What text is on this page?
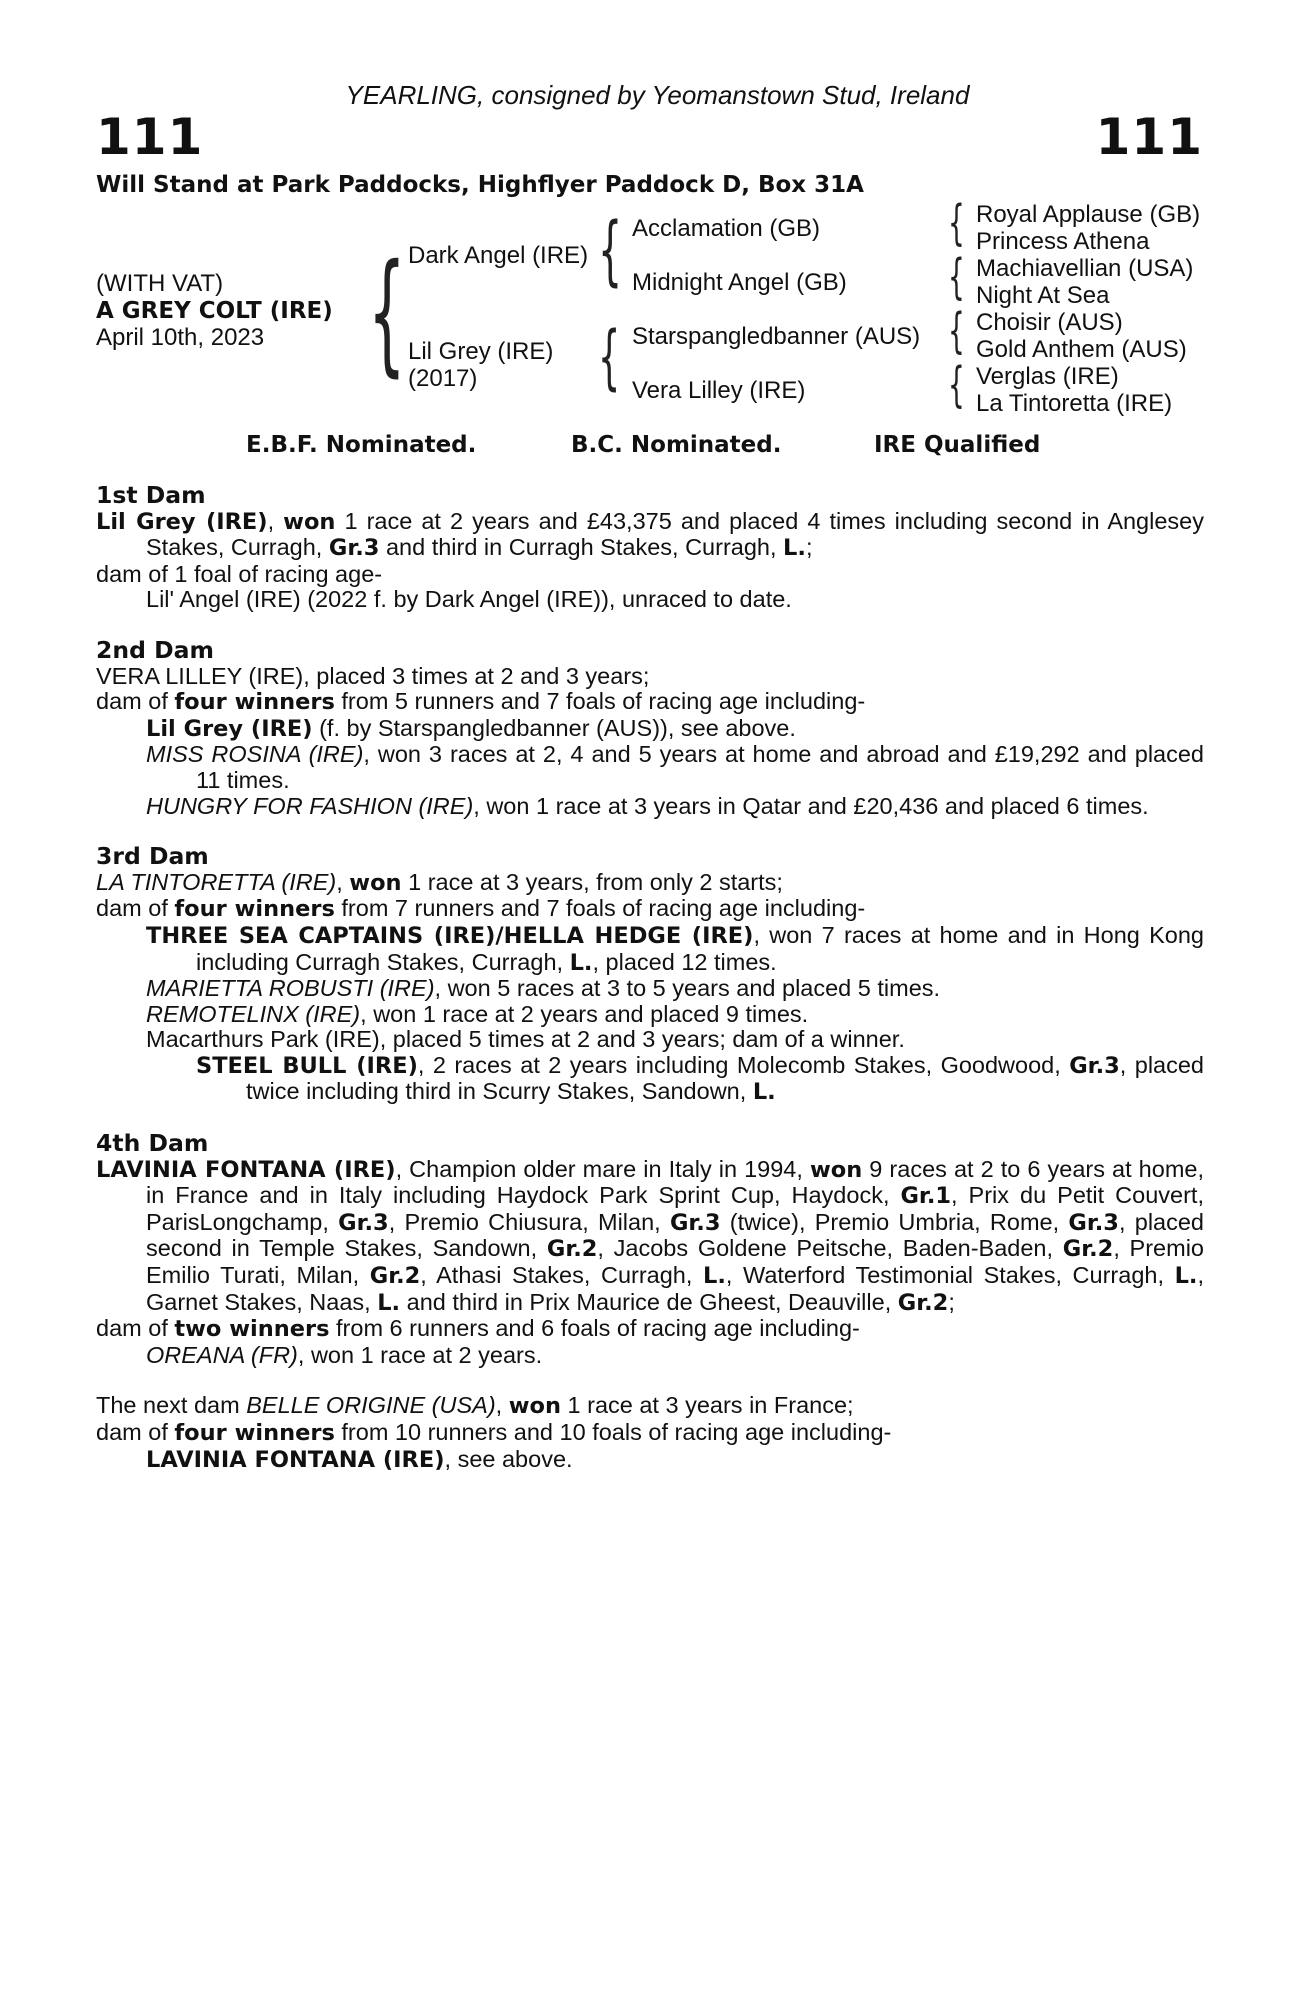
YEARLING, consigned by Yeomanstown Stud, Ireland
111	111
Will Stand at Park Paddocks, Highflyer Paddock D, Box 31A
(WITH VAT)
A GREY COLT (IRE)
April 10th, 2023 { Dark Angel (IRE)
Lil Grey (IRE)
(2017)
{
{
Acclamation (GB)
Midnight Angel (GB)
Starspangledbanner (AUS)
Vera Lilley (IRE)
{
{
{
{
Royal Applause (GB)
Princess Athena
Machiavellian (USA)
Night At Sea
Choisir (AUS)
Gold Anthem (AUS)
Verglas (IRE)
La Tintoretta (IRE)
E.B.F. Nominated.	B.C. Nominated.	IRE Qualified

1st Dam

Lil Grey (IRE), won 1 race at 2 years and £43,375 and placed 4 times including second in Anglesey Stakes, Curragh, Gr.3 and third in Curragh Stakes, Curragh, L.;

dam of 1 foal of racing age-

Lil' Angel (IRE) (2022 f. by Dark Angel (IRE)), unraced to date.

2nd Dam

VERA LILLEY (IRE), placed 3 times at 2 and 3 years;

dam of four winners from 5 runners and 7 foals of racing age including-

Lil Grey (IRE) (f. by Starspangledbanner (AUS)), see above.

MISS ROSINA (IRE), won 3 races at 2, 4 and 5 years at home and abroad and £19,292 and placed 11 times.

HUNGRY FOR FASHION (IRE), won 1 race at 3 years in Qatar and £20,436 and placed 6 times.

3rd Dam

LA TINTORETTA (IRE), won 1 race at 3 years, from only 2 starts;

dam of four winners from 7 runners and 7 foals of racing age including-

THREE SEA CAPTAINS (IRE)/HELLA HEDGE (IRE), won 7 races at home and in Hong Kong including Curragh Stakes, Curragh, L., placed 12 times.

MARIETTA ROBUSTI (IRE), won 5 races at 3 to 5 years and placed 5 times.

REMOTELINX (IRE), won 1 race at 2 years and placed 9 times.

Macarthurs Park (IRE), placed 5 times at 2 and 3 years; dam of a winner.

STEEL BULL (IRE), 2 races at 2 years including Molecomb Stakes, Goodwood, Gr.3, placed twice including third in Scurry Stakes, Sandown, L.

4th Dam

LAVINIA FONTANA (IRE), Champion older mare in Italy in 1994, won 9 races at 2 to 6 years at home, in France and in Italy including Haydock Park Sprint Cup, Haydock, Gr.1, Prix du Petit Couvert, ParisLongchamp, Gr.3, Premio Chiusura, Milan, Gr.3 (twice), Premio Umbria, Rome, Gr.3, placed second in Temple Stakes, Sandown, Gr.2, Jacobs Goldene Peitsche, Baden-Baden, Gr.2, Premio Emilio Turati, Milan, Gr.2, Athasi Stakes, Curragh, L., Waterford Testimonial Stakes, Curragh, L., Garnet Stakes, Naas, L. and third in Prix Maurice de Gheest, Deauville, Gr.2;

dam of two winners from 6 runners and 6 foals of racing age including-

OREANA (FR), won 1 race at 2 years.

The next dam BELLE ORIGINE (USA), won 1 race at 3 years in France;

dam of four winners from 10 runners and 10 foals of racing age including-

LAVINIA FONTANA (IRE), see above.
